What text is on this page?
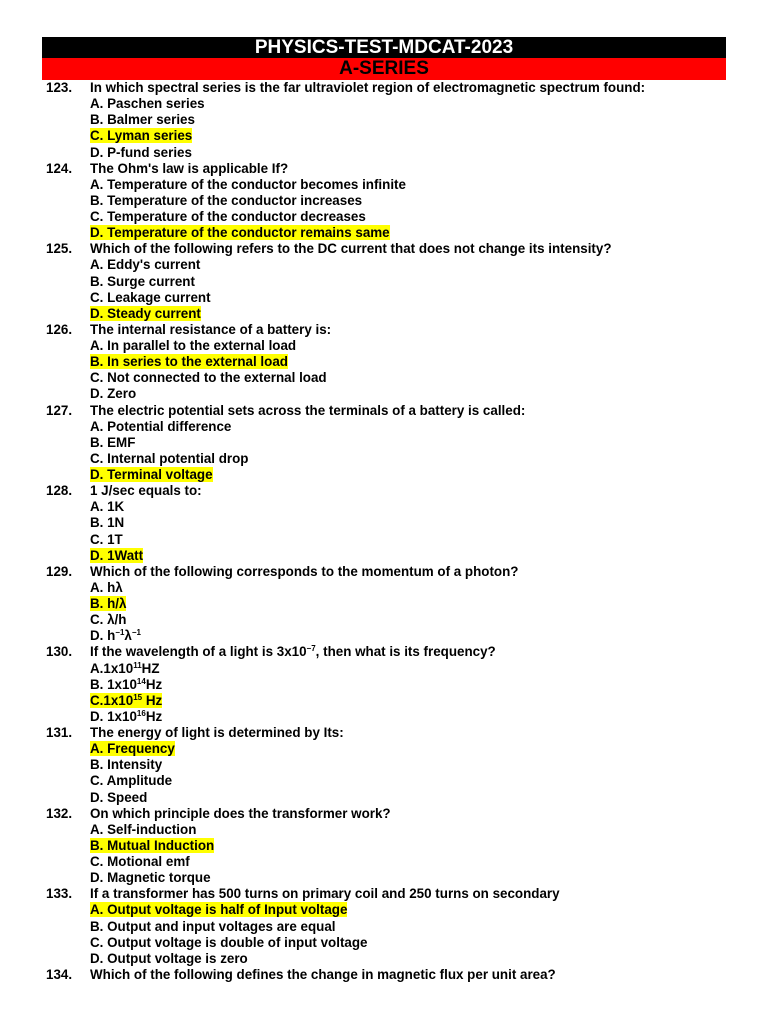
PHYSICS-TEST-MDCAT-2023
A-SERIES
123. In which spectral series is the far ultraviolet region of electromagnetic spectrum found:
A. Paschen series
B. Balmer series
C. Lyman series
D. P-fund series
124. The Ohm's law is applicable If?
A. Temperature of the conductor becomes infinite
B. Temperature of the conductor increases
C. Temperature of the conductor decreases
D. Temperature of the conductor remains same
125. Which of the following refers to the DC current that does not change its intensity?
A. Eddy's current
B. Surge current
C. Leakage current
D. Steady current
126. The internal resistance of a battery is:
A. In parallel to the external load
B. In series to the external load
C. Not connected to the external load
D. Zero
127. The electric potential sets across the terminals of a battery is called:
A. Potential difference
B. EMF
C. Internal potential drop
D. Terminal voltage
128. 1 J/sec equals to:
A. 1K
B. 1N
C. 1T
D. 1Watt
129. Which of the following corresponds to the momentum of a photon?
A. hλ
B. h/λ
C. λ/h
D. $h^{-1}\lambda^{-1}$
130. If the wavelength of a light is $3x10^{-7}$, then what is its frequency?
$A.1x10^{11}HZ$
B. $1x10^{14}Hz$
$C.1x10^{15}$ Hz
D. $1x10^{16}Hz$
131. The energy of light is determined by Its:
A. Frequency
B. Intensity
C. Amplitude
D. Speed
132. On which principle does the transformer work?
A. Self-induction
B. Mutual Induction
C. Motional emf
D. Magnetic torque
133. If a transformer has 500 turns on primary coil and 250 turns on secondary
A. Output voltage is half of Input voltage
B. Output and input voltages are equal
C. Output voltage is double of input voltage
D. Output voltage is zero
134. Which of the following defines the change in magnetic flux per unit area?
